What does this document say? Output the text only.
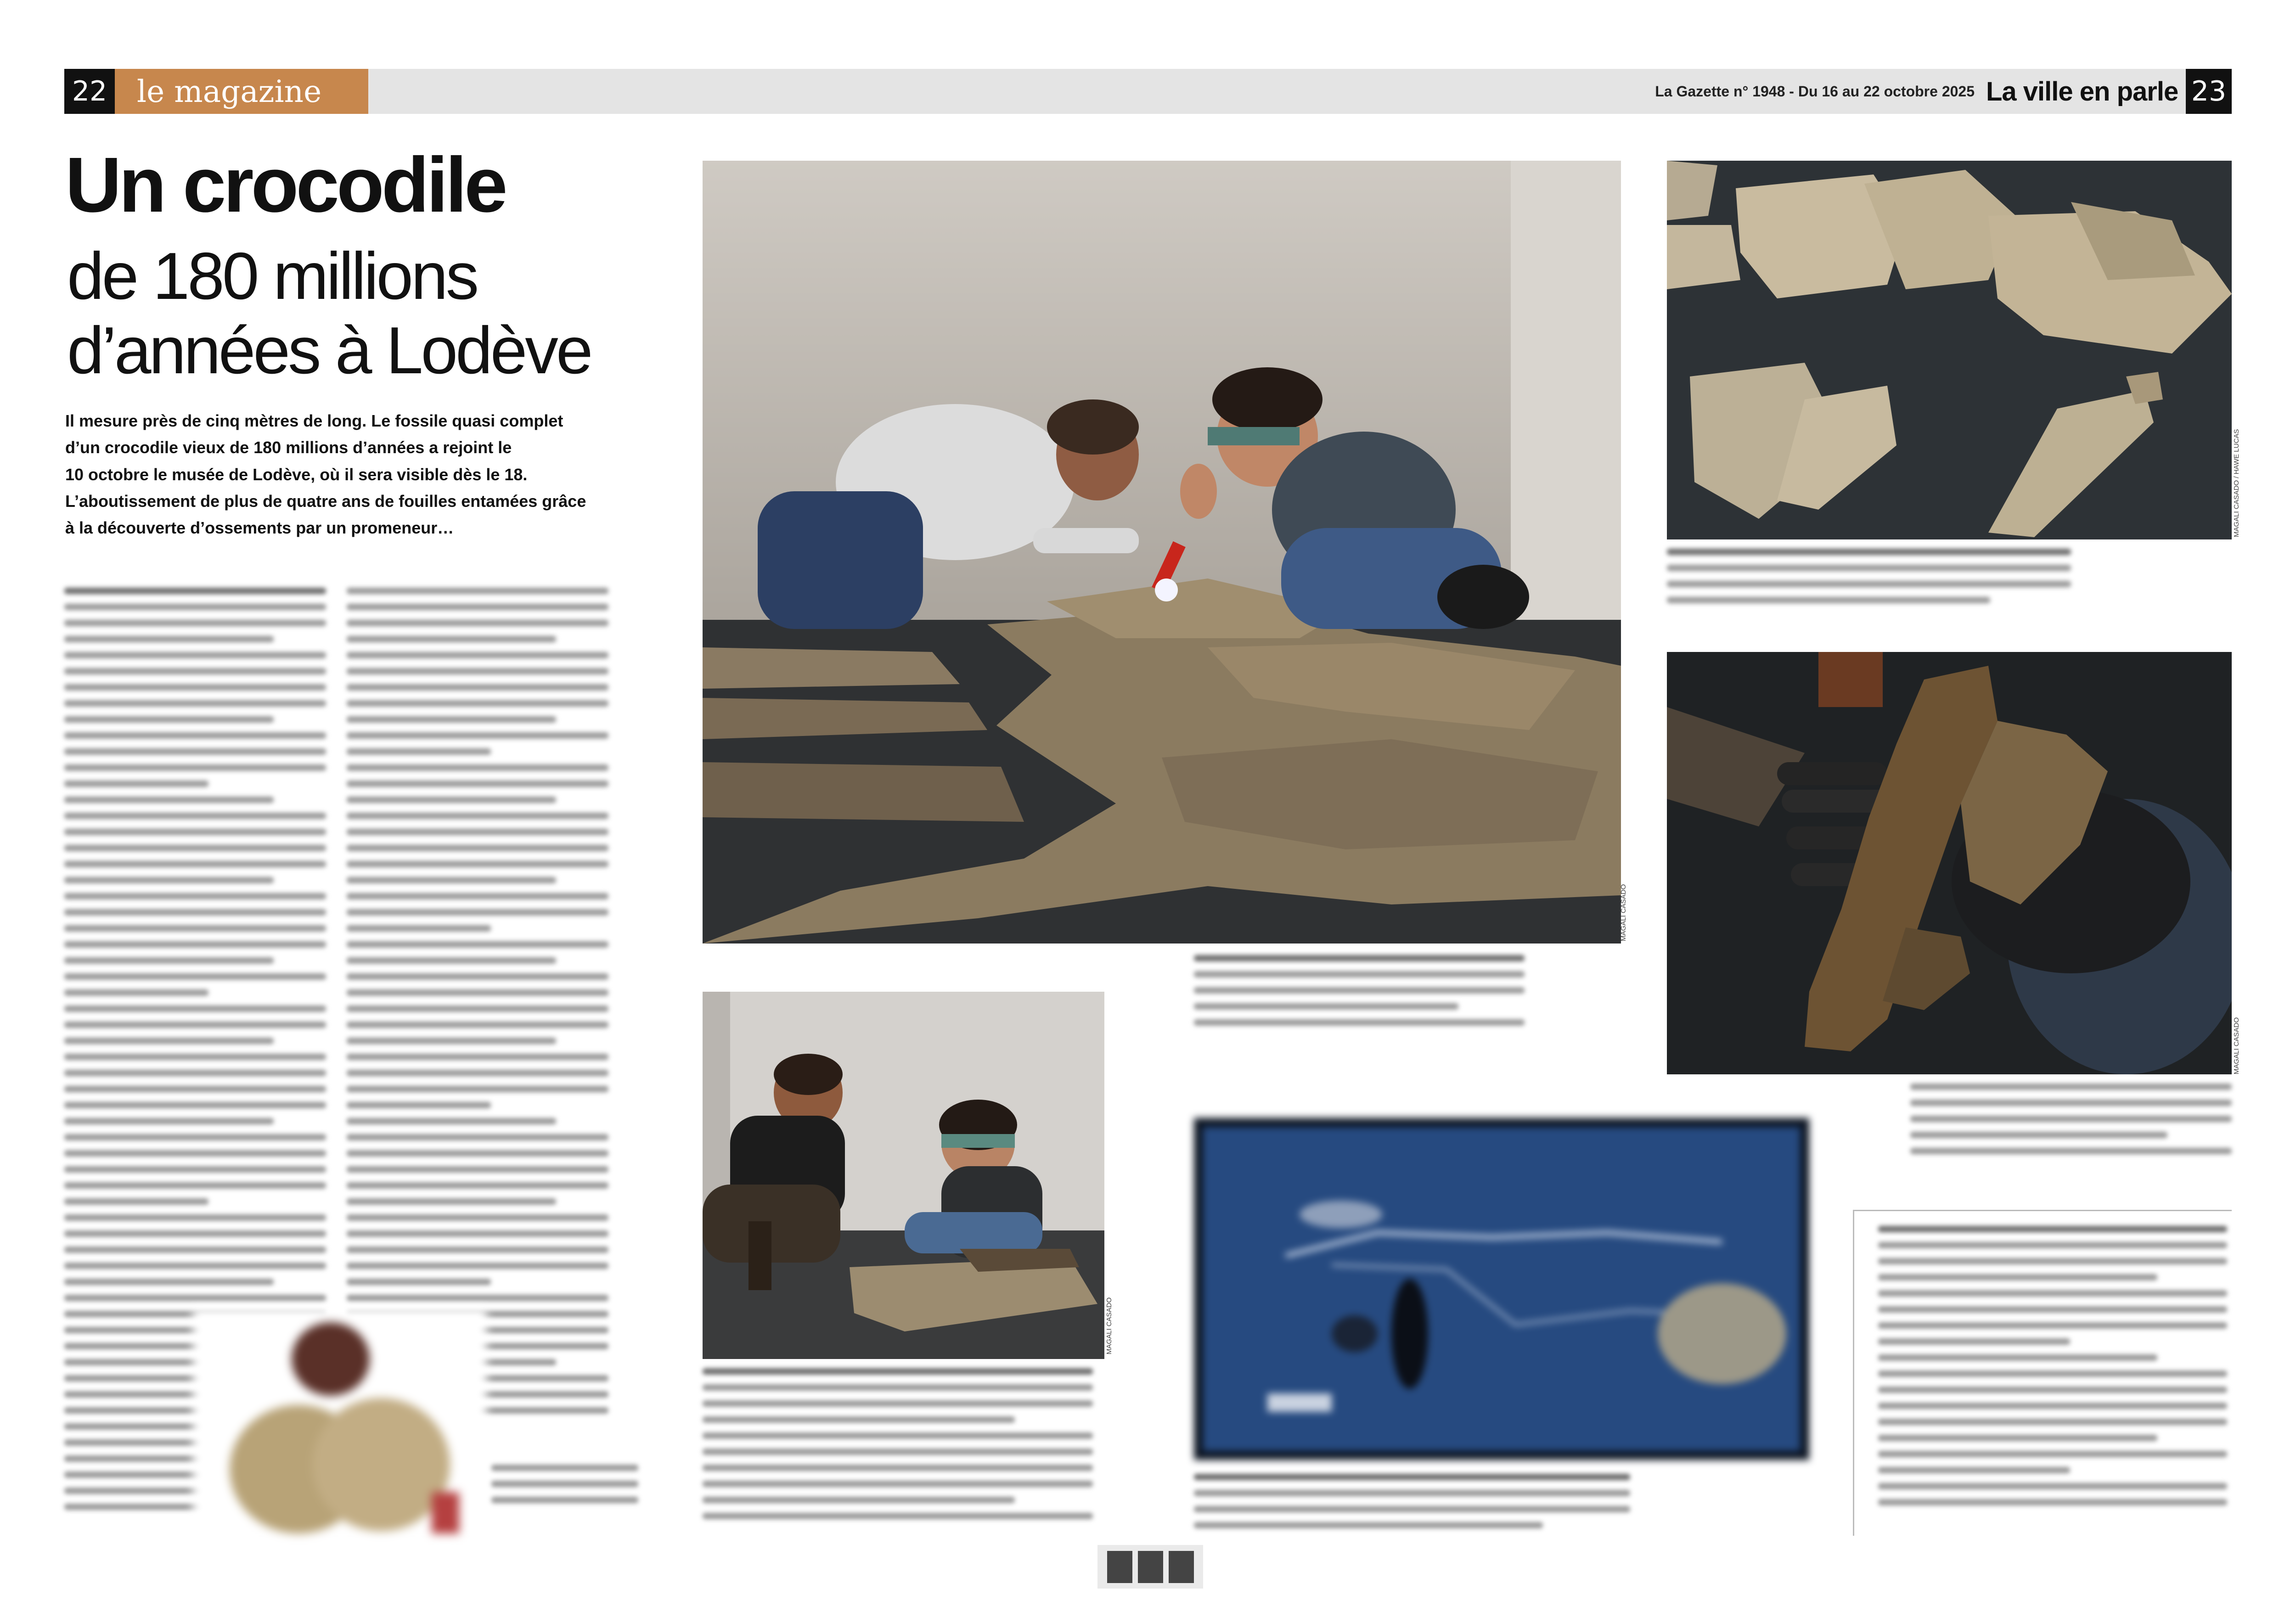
22 le magazine	La Gazette n° 1948 - Du 16 au 22 octobre 2025 La ville en parle 23
Un crocodile
de 180 millions
d’années à Lodève
Il mesure près de cinq mètres de long. Le fossile quasi complet
d’un crocodile vieux de 180 millions d’années a rejoint le
10 octobre le musée de Lodève, où il sera visible dès le 18.
L’aboutissement de plus de quatre ans de fouilles entamées grâce
à la découverte d’ossements par un promeneur…
MAGALI CASADO
MAGALI CASADO / HAWE LUCAS
MAGALI CASADO
MAGALI CASADO
